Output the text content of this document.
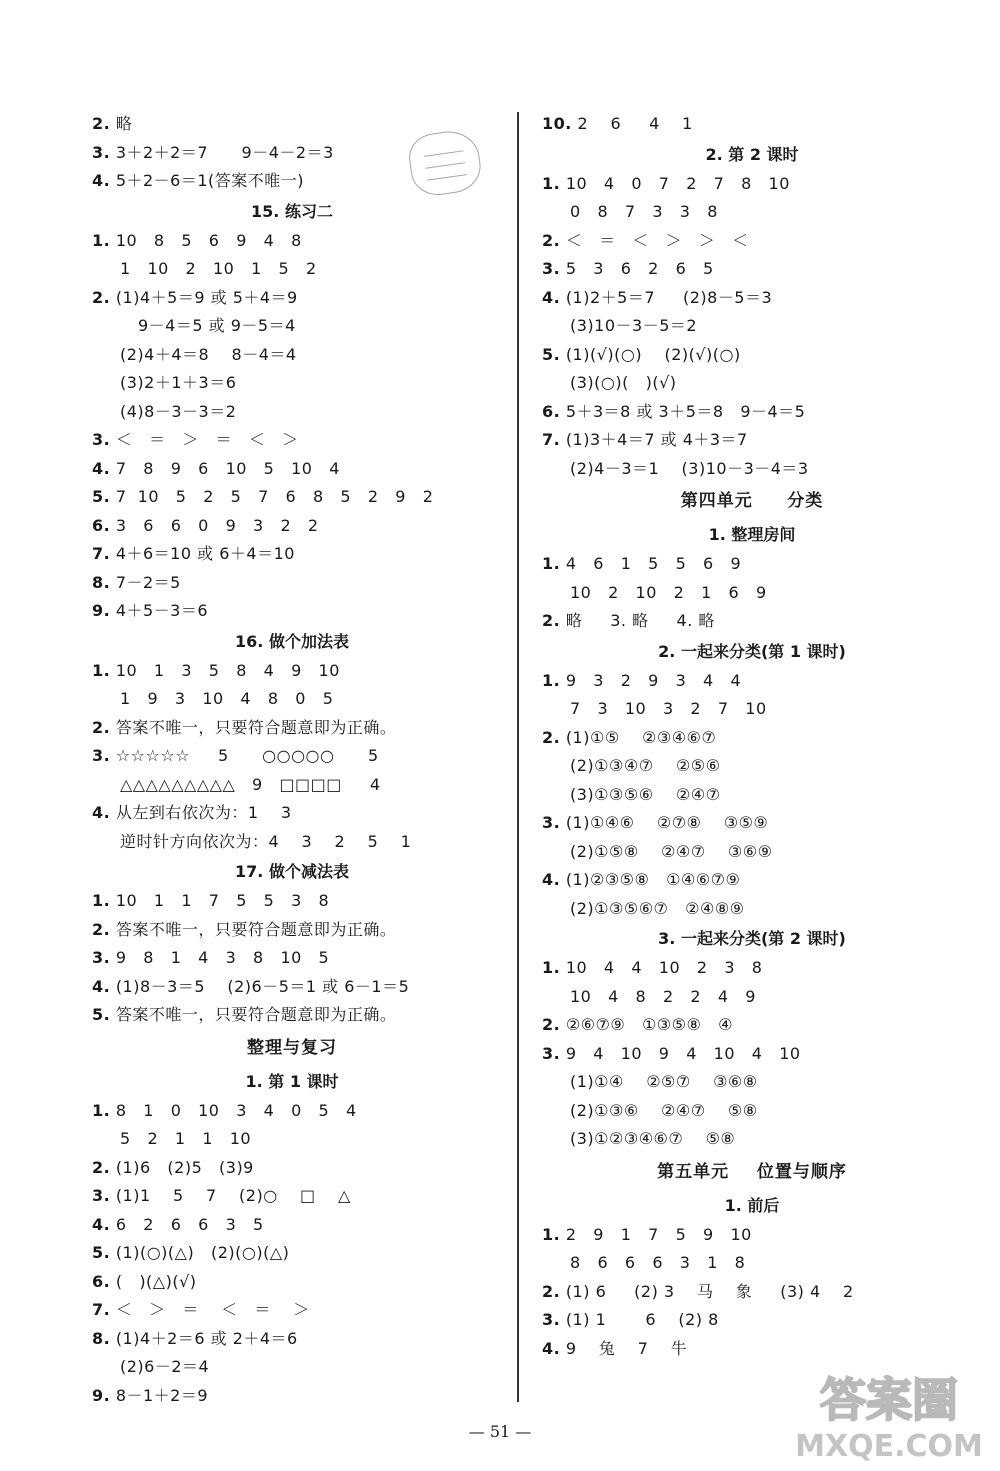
2. 略
3. 3＋2＋2＝7      9－4－2＝3
4. 5＋2－6＝1(答案不唯一)
15. 练习二
1. 10   8   5   6   9   4   8
1   10   2   10   1   5   2
2. (1)4＋5＝9 或 5＋4＝9
9－4＝5 或 9－5＝4
(2)4＋4＝8    8－4＝4
(3)2＋1＋3＝6
(4)8－3－3＝2
3. ＜   ＝   ＞   ＝   ＜   ＞
4. 7   8   9   6   10   5   10   4
5. 7  10   5   2   5   7   6   8   5   2   9   2
6. 3   6   6   0   9   3   2   2
7. 4＋6＝10 或 6＋4＝10
8. 7－2＝5
9. 4＋5－3＝6
16. 做个加法表
1. 10   1   3   5   8   4   9   10
1   9   3   10   4   8   0   5
2. 答案不唯一，只要符合题意即为正确。
3. ☆☆☆☆☆     5      ○○○○○      5
△△△△△△△△△   9   □□□□     4
4. 从左到右依次为：1    3
逆时针方向依次为：4    3    2    5    1
17. 做个减法表
1. 10   1   1   7   5   5   3   8
2. 答案不唯一，只要符合题意即为正确。
3. 9   8   1   4   3   8   10   5
4. (1)8－3＝5    (2)6－5＝1 或 6－1＝5
5. 答案不唯一，只要符合题意即为正确。
整理与复习
1. 第 1 课时
1. 8   1   0   10   3   4   0   5   4
5   2   1   1   10
2. (1)6   (2)5   (3)9
3. (1)1    5    7    (2)○    □    △
4. 6   2   6   6   3   5
5. (1)(○)(△)   (2)(○)(△)
6. (   )(△)(√)
7. ＜   ＞   ＝    ＜   ＝    ＞
8. (1)4＋2＝6 或 2＋4＝6
(2)6－2＝4
9. 8－1＋2＝9
10. 2    6     4    1
2. 第 2 课时
1. 10   4   0   7   2   7   8   10
0   8   7   3   3   8
2. ＜   ＝   ＜   ＞   ＞   ＜
3. 5   3   6   2   6   5
4. (1)2＋5＝7     (2)8－5＝3
(3)10－3－5＝2
5. (1)(√)(○)    (2)(√)(○)
(3)(○)(   )(√)
6. 5＋3＝8 或 3＋5＝8   9－4＝5
7. (1)3＋4＝7 或 4＋3＝7
(2)4－3＝1    (3)10－3－4＝3
第四单元     分类
1. 整理房间
1. 4   6   1   5   5   6   9
10   2   10   2   1   6   9
2. 略     3. 略     4. 略
2. 一起来分类(第 1 课时)
1. 9   3   2   9   3   4   4
7   3   10   3   2   7   10
2. (1)①⑤    ②③④⑥⑦
(2)①③④⑦    ②⑤⑥
(3)①③⑤⑥    ②④⑦
3. (1)①④⑥    ②⑦⑧    ③⑤⑨
(2)①⑤⑧    ②④⑦    ③⑥⑨
4. (1)②③⑤⑧   ①④⑥⑦⑨
(2)①③⑤⑥⑦   ②④⑧⑨
3. 一起来分类(第 2 课时)
1. 10   4   4   10   2   3   8
10   4   8   2   2   4   9
2. ②⑥⑦⑨   ①③⑤⑧   ④
3. 9   4   10   9   4   10   4   10
(1)①④    ②⑤⑦    ③⑥⑧
(2)①③⑥    ②④⑦    ⑤⑧
(3)①②③④⑥⑦    ⑤⑧
第五单元    位置与顺序
1. 前后
1. 2   9   1   7   5   9   10
8   6   6   6   3   1   8
2. (1) 6     (2) 3    马    象     (3) 4    2
3. (1) 1       6    (2) 8
4. 9    兔    7    牛
— 51 —
答案圈
MXQE.COM
